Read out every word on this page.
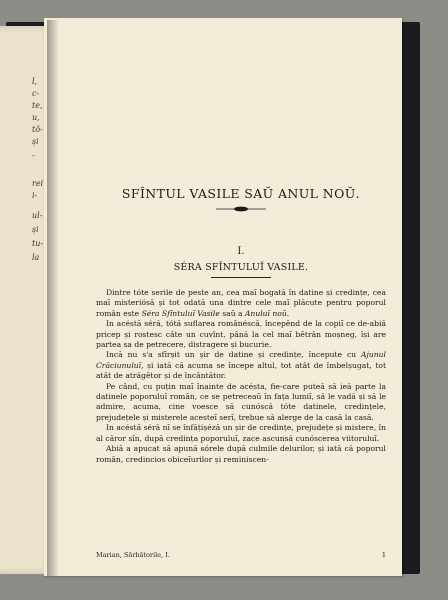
l,
c-
te,
u,
tŏ-
și
-
rei
i-
ul-
și
tu-
la
SFÎNTUL VASILE SAŬ ANUL NOŬ.
I.
SÉRA SFÎNTULUĬ VASILE.

Dintre tóte serile de peste an, cea maĭ bogată în datine și credințe, cea maĭ misteriósă și tot odată una dintre cele maĭ plăcute pentru poporul român este Séra Sfîntuluĭ Vasile saŭ a Anuluĭ noŭ.

In acéstă séră, tótă suflarea românéscă, începênd de la copiĭ ce de-abiă pricep și rostesc câte un cuvînt, până la cel maĭ bĕtrân moșneg, își are partea sa de petrecere, distragere și bucurie.

Incă nu s'a sfîrșit un șir de datine și credințe, începute cu Ajunul Crăciunuluĭ, și iată că acuma se începe altul, tot atât de îmbelșugat, tot atât de atrăgĕtor și de încântător.

Pe când, cu puțin maĭ înainte de acésta, fie-care puteă să ieă parte la datinele poporuluĭ român, ce se petreceaŭ în fața lumiĭ, să le vadă și să le admire, acuma, cine voesce să cunóscă tóte datinele, credințele, prejudețele și misterele acesteĭ serĭ, trebue să alerge de la casă la casă.

In acéstă séră nĭ se înfățișéză un șir de credințe, prejudețe și mistere, în al căror sîn, după credința poporuluĭ, zace ascunsă cunóscerea viitoruluĭ.

Abiă a apucat să apună sórele după culmile delurilor, și iată că poporul român, credincios obiceĭurilor și reminiscen-

Marian, Sărbătorile, I.	1
